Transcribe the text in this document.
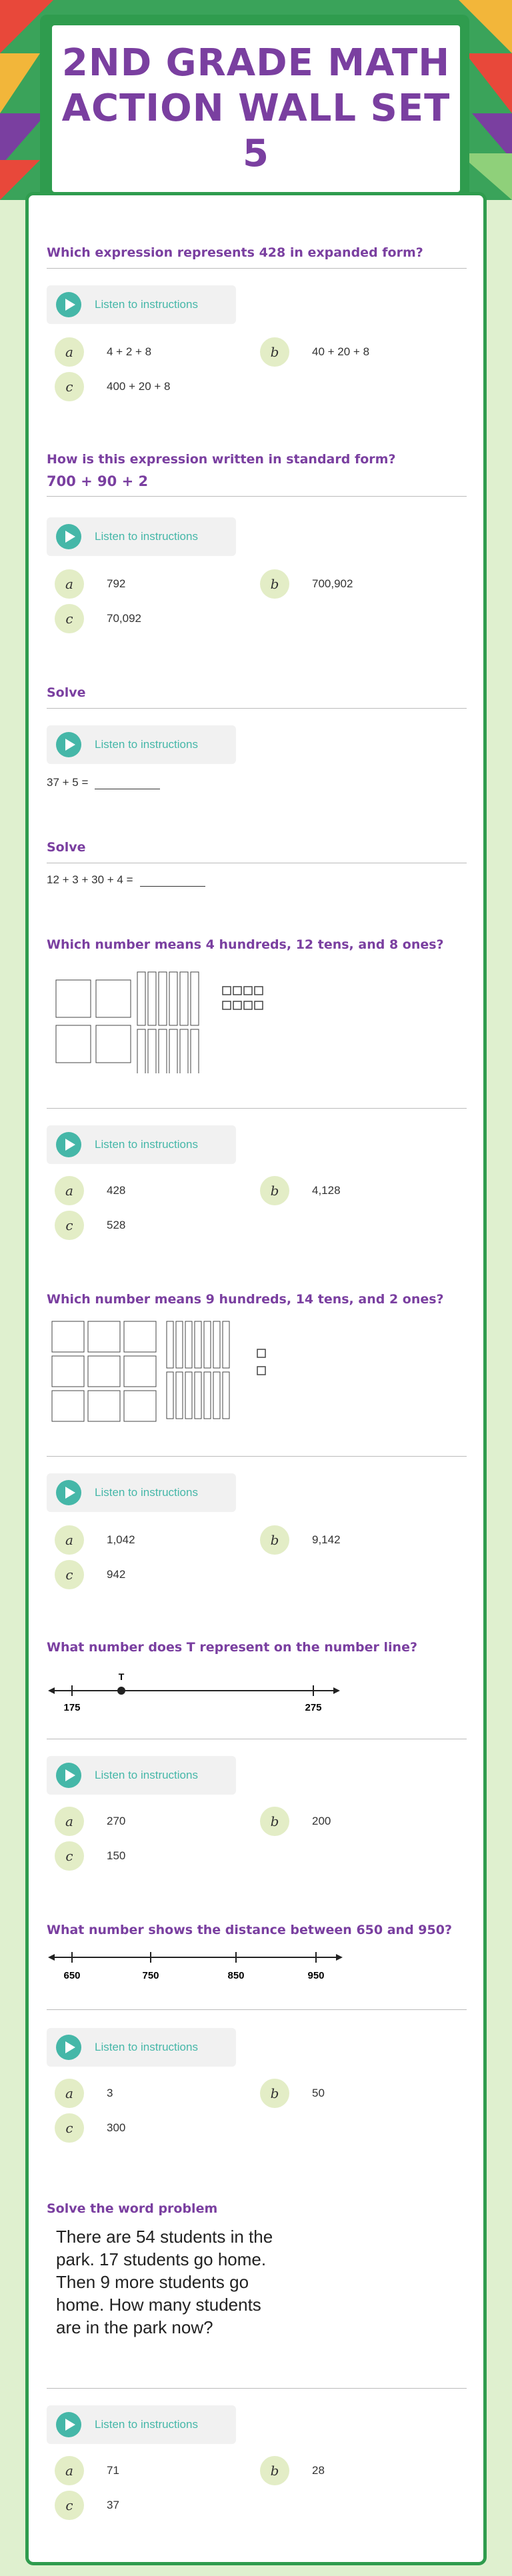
2ND GRADE MATH
ACTION WALL SET 5
Which expression represents 428 in expanded form?
Listen to instructions
a	4 + 2 + 8	b	40 + 20 + 8
c	400 + 20 + 8
How is this expression written in standard form?
700 + 90 + 2
Listen to instructions
a	792	b	700,902
c	70,092
Solve
Listen to instructions
37 + 5 =
Solve
12 + 3 + 30 + 4 =
Which number means 4 hundreds, 12 tens, and 8 ones?
Listen to instructions
a	428	b	4,128
c	528
Which number means 9 hundreds, 14 tens, and 2 ones?
Listen to instructions
a	1,042	b	9,142
c	942
What number does T represent on the number line?
T
175	275
Listen to instructions
a	270	b	200
c	150
What number shows the distance between 650 and 950?
650	750	850	950
Listen to instructions
a	3	b	50
c	300
Solve the word problem
There are 54 students in the park. 17 students go home. Then 9 more students go home. How many students are in the park now?
Listen to instructions
a	71	b	28
c	37
